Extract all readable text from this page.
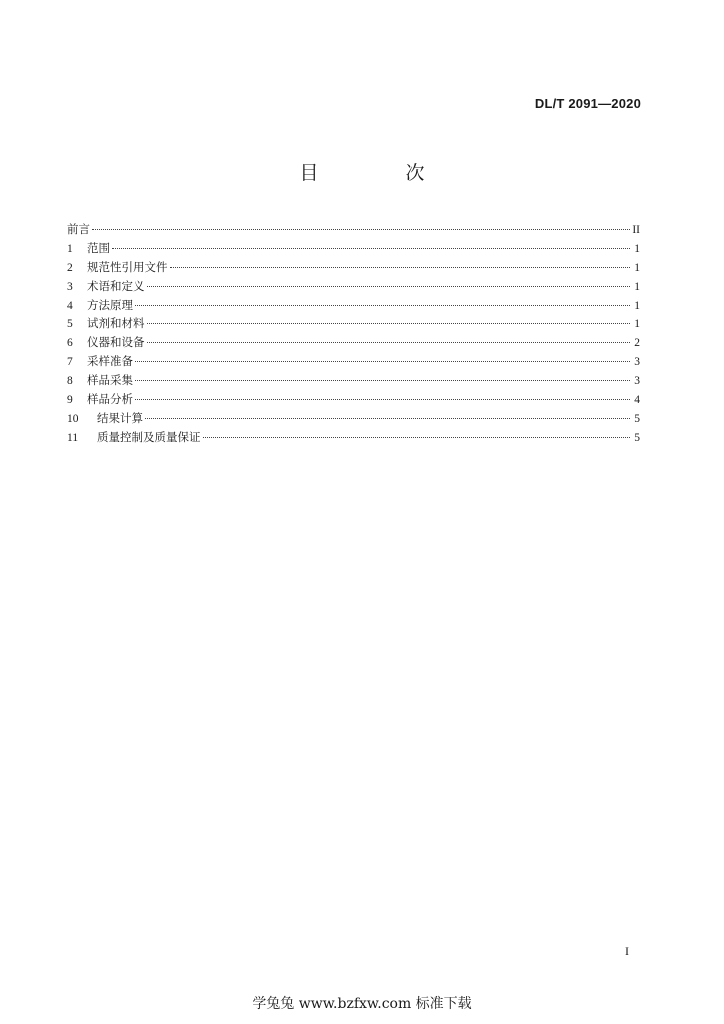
DL/T 2091—2020
目　次
前言	II
1	范围	1
2	规范性引用文件	1
3	术语和定义	1
4	方法原理	1
5	试剂和材料	1
6	仪器和设备	2
7	采样准备	3
8	样品采集	3
9	样品分析	4
10	结果计算	5
11	质量控制及质量保证	5
I
学兔兔 www.bzfxw.com 标准下载
